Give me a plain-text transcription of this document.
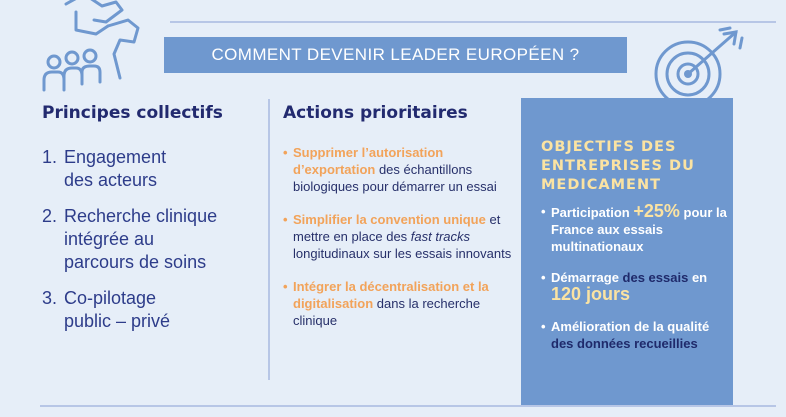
COMMENT DEVENIR LEADER EUROPÉEN ?
Principes collectifs
1. Engagement
des acteurs
2. Recherche clinique
intégrée au
parcours de soins
3. Co-pilotage
public – privé
Actions prioritaires
• Supprimer l’autorisation d’exportation des échantillons biologiques pour démarrer un essai
• Simplifier la convention unique et mettre en place des fast tracks longitudinaux sur les essais innovants
• Intégrer la décentralisation et la digitalisation dans la recherche clinique
OBJECTIFS DES ENTREPRISES DU MEDICAMENT
• Participation +25% pour la France aux essais multinationaux
• Démarrage des essais en 120 jours
• Amélioration de la qualité des données recueillies
